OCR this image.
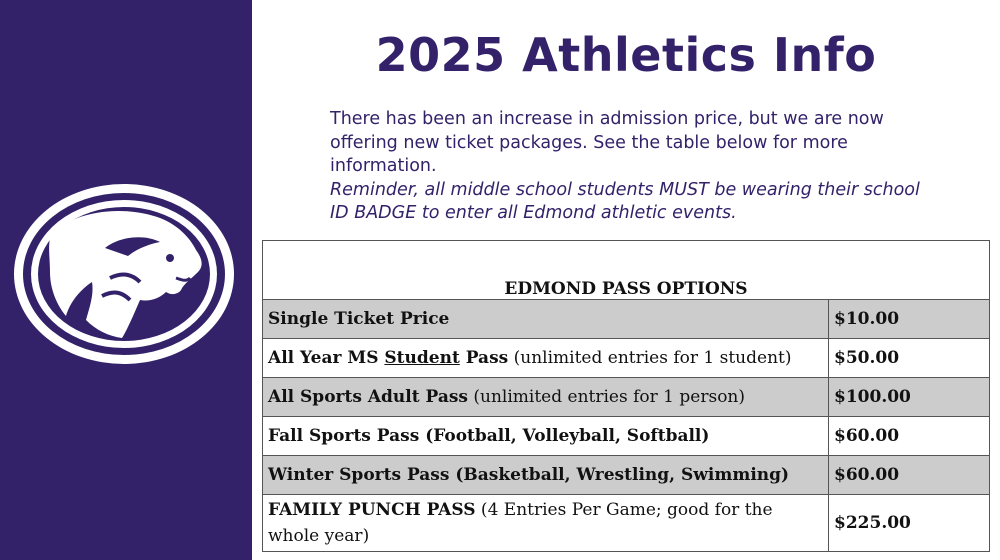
2025 Athletics Info
There has been an increase in admission price, but we are now offering new ticket packages. See the table below for more information.
Reminder, all middle school students MUST be wearing their school ID BADGE to enter all Edmond athletic events.
EDMOND PASS OPTIONS	
Single Ticket Price	$10.00
All Year MS Student Pass (unlimited entries for 1 student)	$50.00
All Sports Adult Pass (unlimited entries for 1 person)	$100.00
Fall Sports Pass (Football, Volleyball, Softball)	$60.00
Winter Sports Pass (Basketball, Wrestling, Swimming)	$60.00
FAMILY PUNCH PASS (4 Entries Per Game; good for the whole year)	$225.00
